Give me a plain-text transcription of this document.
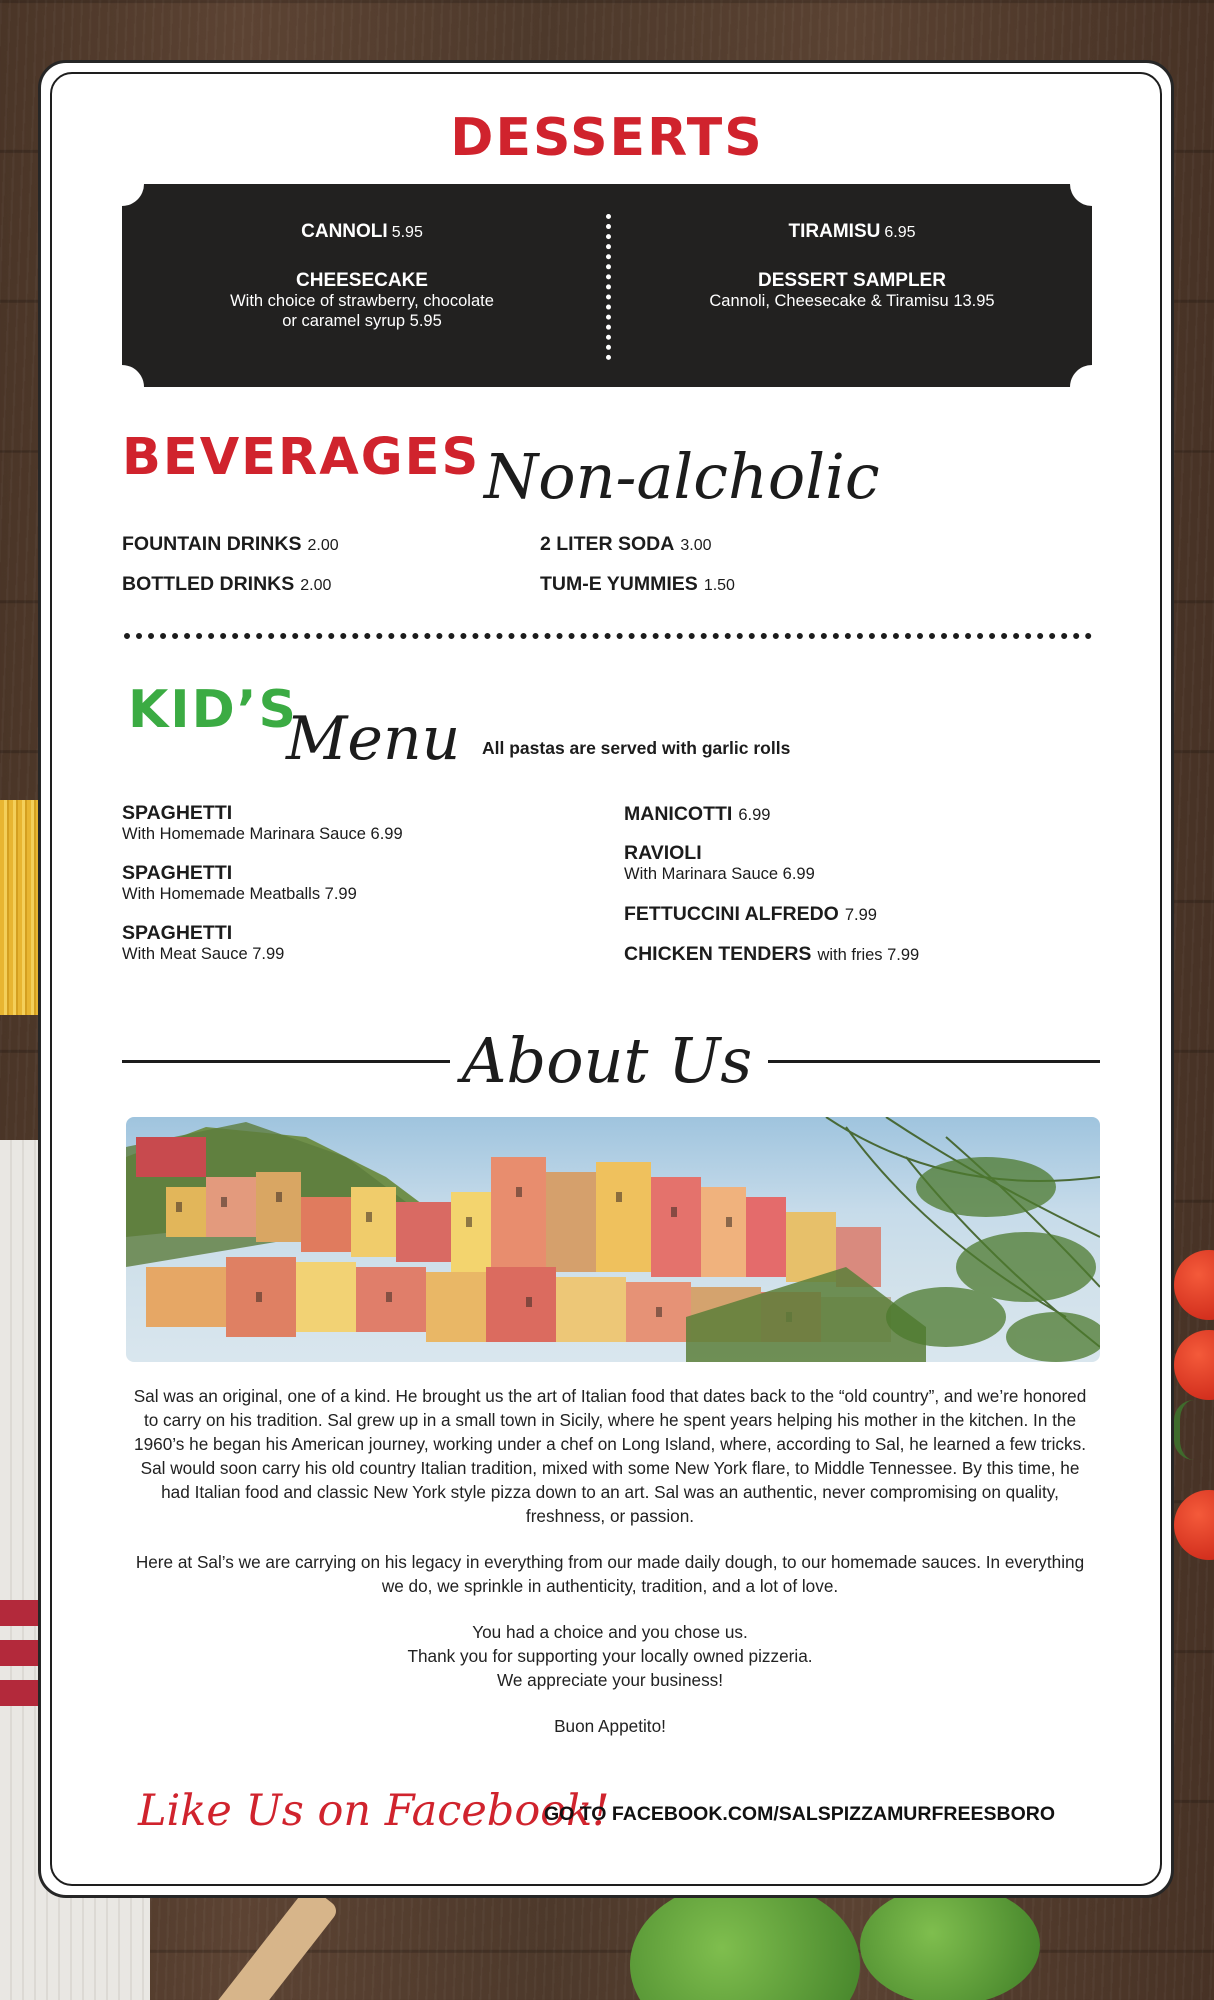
DESSERTS
CANNOLI 5.95
CHEESECAKE
With choice of strawberry, chocolate
or caramel syrup 5.95
TIRAMISU 6.95
DESSERT SAMPLER
Cannoli, Cheesecake & Tiramisu 13.95
BEVERAGES Non-alcholic
FOUNTAIN DRINKS 2.00
BOTTLED DRINKS 2.00
2 LITER SODA 3.00
TUM-E YUMMIES 1.50
KID’S
Menu All pastas are served with garlic rolls
SPAGHETTI
With Homemade Marinara Sauce 6.99
SPAGHETTI
With Homemade Meatballs 7.99
SPAGHETTI
With Meat Sauce 7.99
MANICOTTI 6.99
RAVIOLI
With Marinara Sauce 6.99
FETTUCCINI ALFREDO 7.99
CHICKEN TENDERS with fries 7.99
About Us

Sal was an original, one of a kind. He brought us the art of Italian food that dates back to the “old country”, and we’re honored to carry on his tradition. Sal grew up in a small town in Sicily, where he spent years helping his mother in the kitchen. In the 1960’s he began his American journey, working under a chef on Long Island, where, according to Sal, he learned a few tricks. Sal would soon carry his old country Italian tradition, mixed with some New York flare, to Middle Tennessee. By this time, he had Italian food and classic New York style pizza down to an art. Sal was an authentic, never compromising on quality, freshness, or passion.

Here at Sal’s we are carrying on his legacy in everything from our made daily dough, to our homemade sauces. In everything we do, we sprinkle in authenticity, tradition, and a lot of love.

You had a choice and you chose us.
Thank you for supporting your locally owned pizzeria.
We appreciate your business!

Buon Appetito!

Like Us on Facebook!
GO TO FACEBOOK.COM/SALSPIZZAMURFREESBORO
